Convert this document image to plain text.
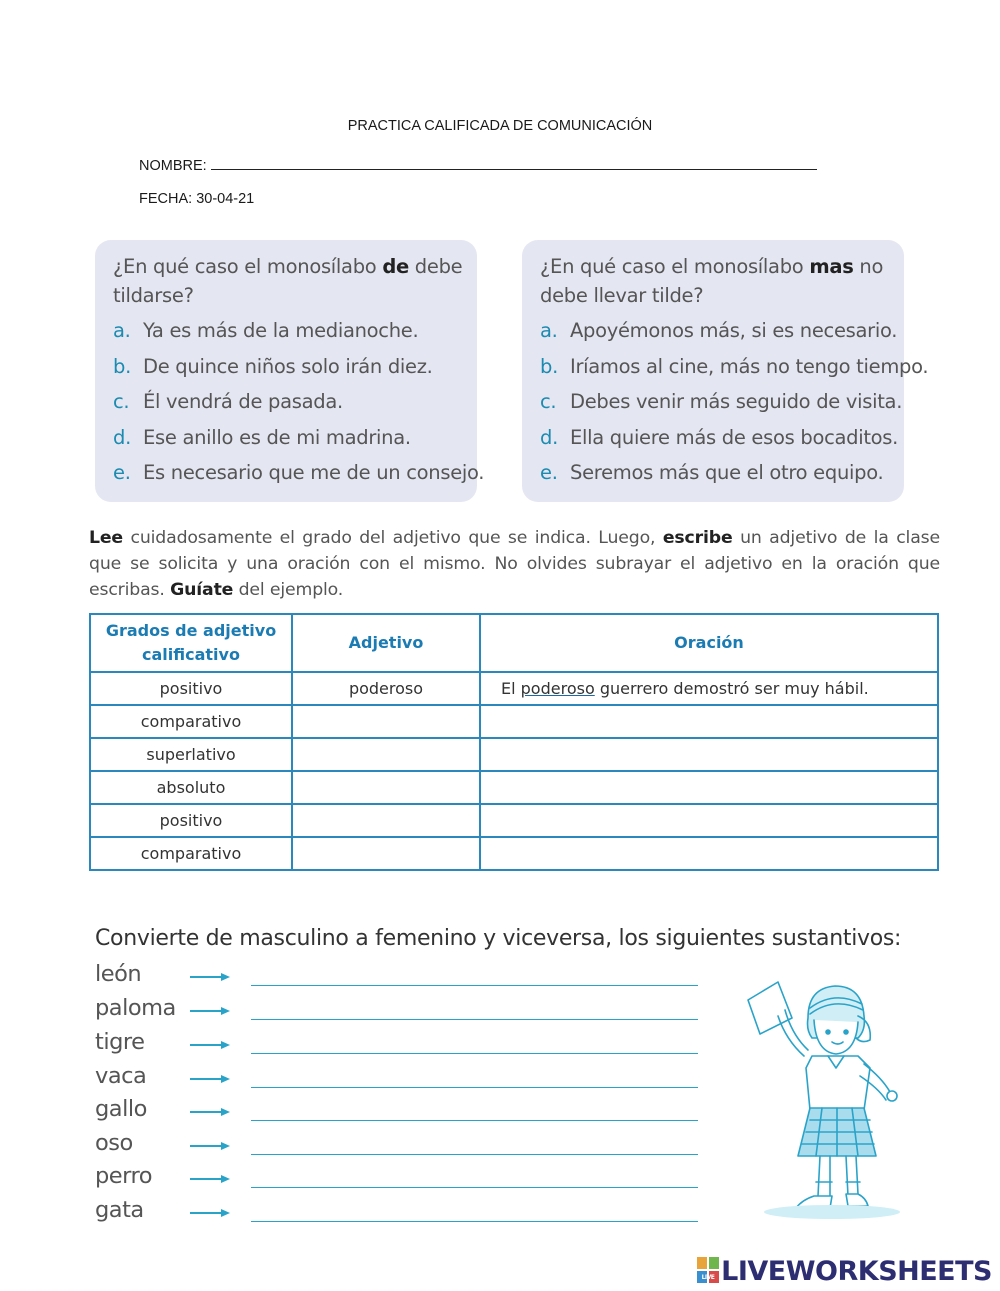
PRACTICA CALIFICADA DE COMUNICACIÓN
NOMBRE:
FECHA: 30-04-21
¿En qué caso el monosílabo de debe tildarse?
a. Ya es más de la medianoche.
b. De quince niños solo irán diez.
c. Él vendrá de pasada.
d. Ese anillo es de mi madrina.
e. Es necesario que me de un consejo.
¿En qué caso el monosílabo mas no debe llevar tilde?
a. Apoyémonos más, si es necesario.
b. Iríamos al cine, más no tengo tiempo.
c. Debes venir más seguido de visita.
d. Ella quiere más de esos bocaditos.
e. Seremos más que el otro equipo.
Lee cuidadosamente el grado del adjetivo que se indica. Luego, escribe un adjetivo de la clase que se solicita y una oración con el mismo. No olvides subrayar el adjetivo en la oración que escribas. Guíate del ejemplo.
Grados de adjetivo calificativo	Adjetivo	Oración
positivo	poderoso	El poderoso guerrero demostró ser muy hábil.
comparativo		
superlativo		
absoluto		
positivo		
comparativo		
Convierte de masculino a femenino y viceversa, los siguientes sustantivos:
león
paloma
tigre
vaca
gallo
oso
perro
gata
LIVE LIVEWORKSHEETS
